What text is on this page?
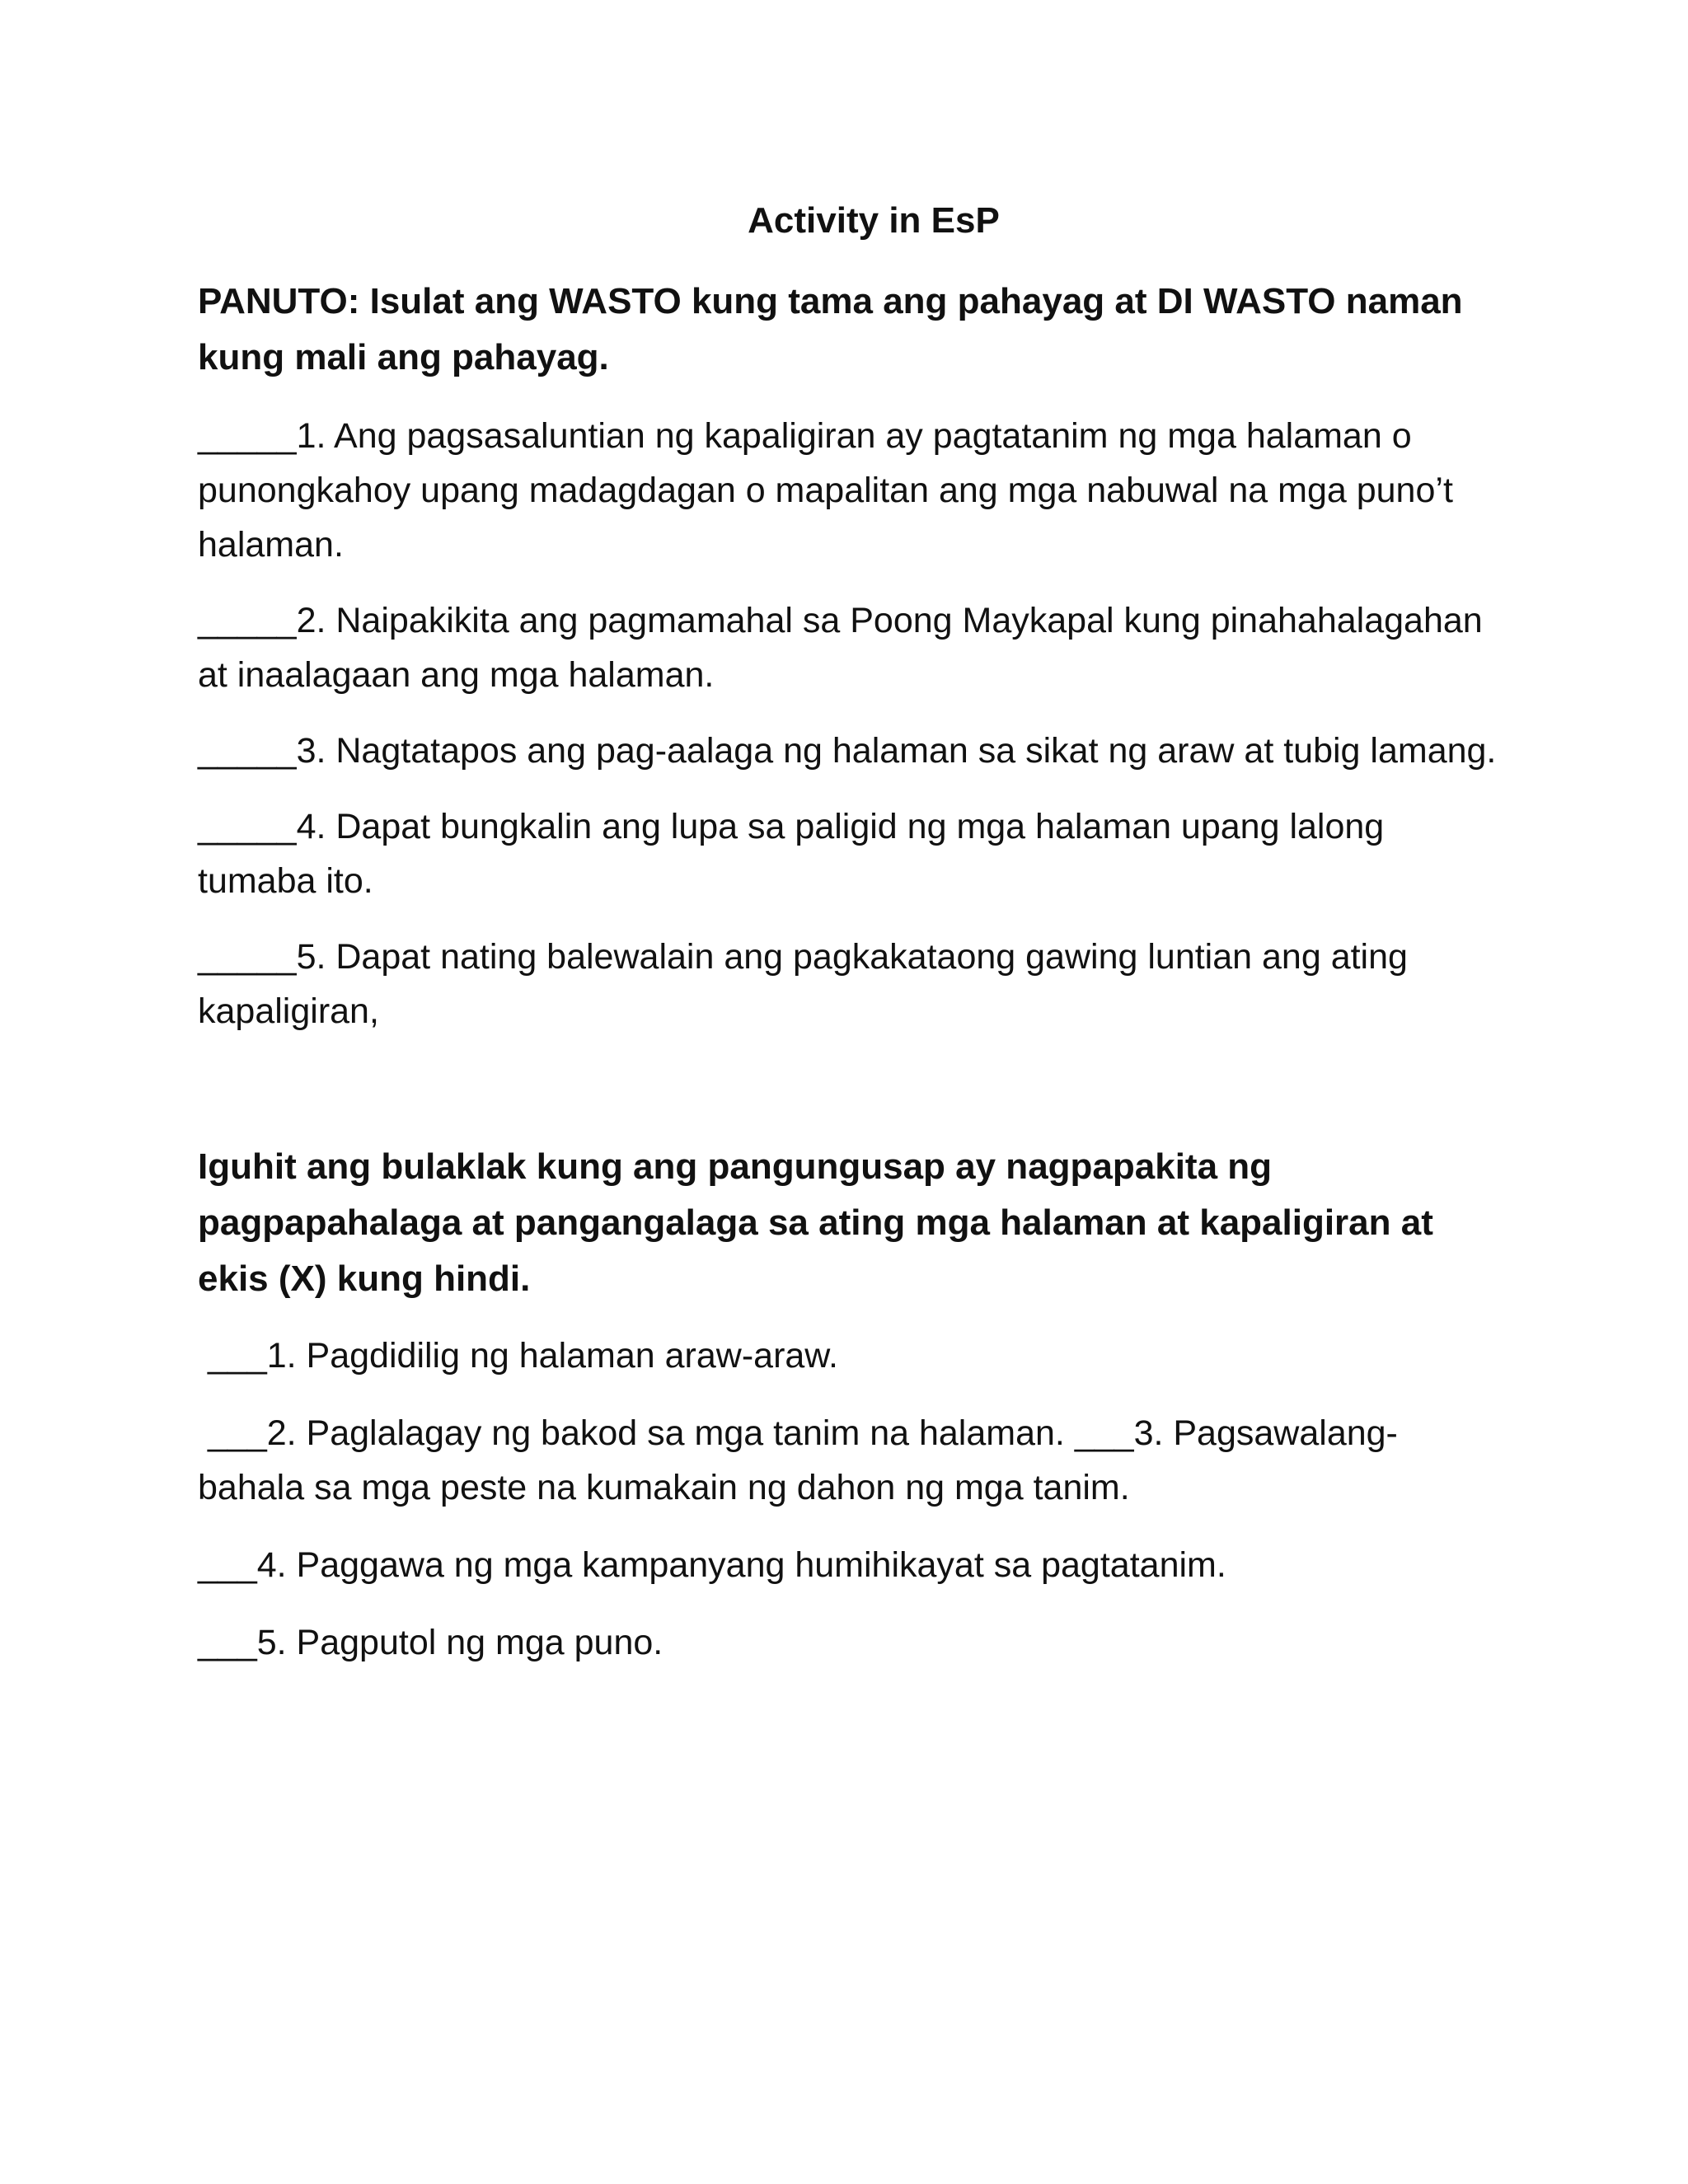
Activity in EsP
PANUTO: Isulat ang WASTO kung tama ang pahayag at DI WASTO naman kung mali ang pahayag.
_____1. Ang pagsasaluntian ng kapaligiran ay pagtatanim ng mga halaman o punongkahoy upang madagdagan o mapalitan ang mga nabuwal na mga puno’t halaman.
_____2. Naipakikita ang pagmamahal sa Poong Maykapal kung pinahahalagahan at inaalagaan ang mga halaman.
_____3. Nagtatapos ang pag-aalaga ng halaman sa sikat ng araw at tubig lamang.
_____4. Dapat bungkalin ang lupa sa paligid ng mga halaman upang lalong tumaba ito.
_____5. Dapat nating balewalain ang pagkakataong gawing luntian ang ating kapaligiran,
Iguhit ang bulaklak kung ang pangungusap ay nagpapakita ng pagpapahalaga at pangangalaga sa ating mga halaman at kapaligiran at ekis (X) kung hindi.
___1. Pagdidilig ng halaman araw-araw.
___2. Paglalagay ng bakod sa mga tanim na halaman. ___3. Pagsawalang-bahala sa mga peste na kumakain ng dahon ng mga tanim.
___4. Paggawa ng mga kampanyang humihikayat sa pagtatanim.
___5. Pagputol ng mga puno.
